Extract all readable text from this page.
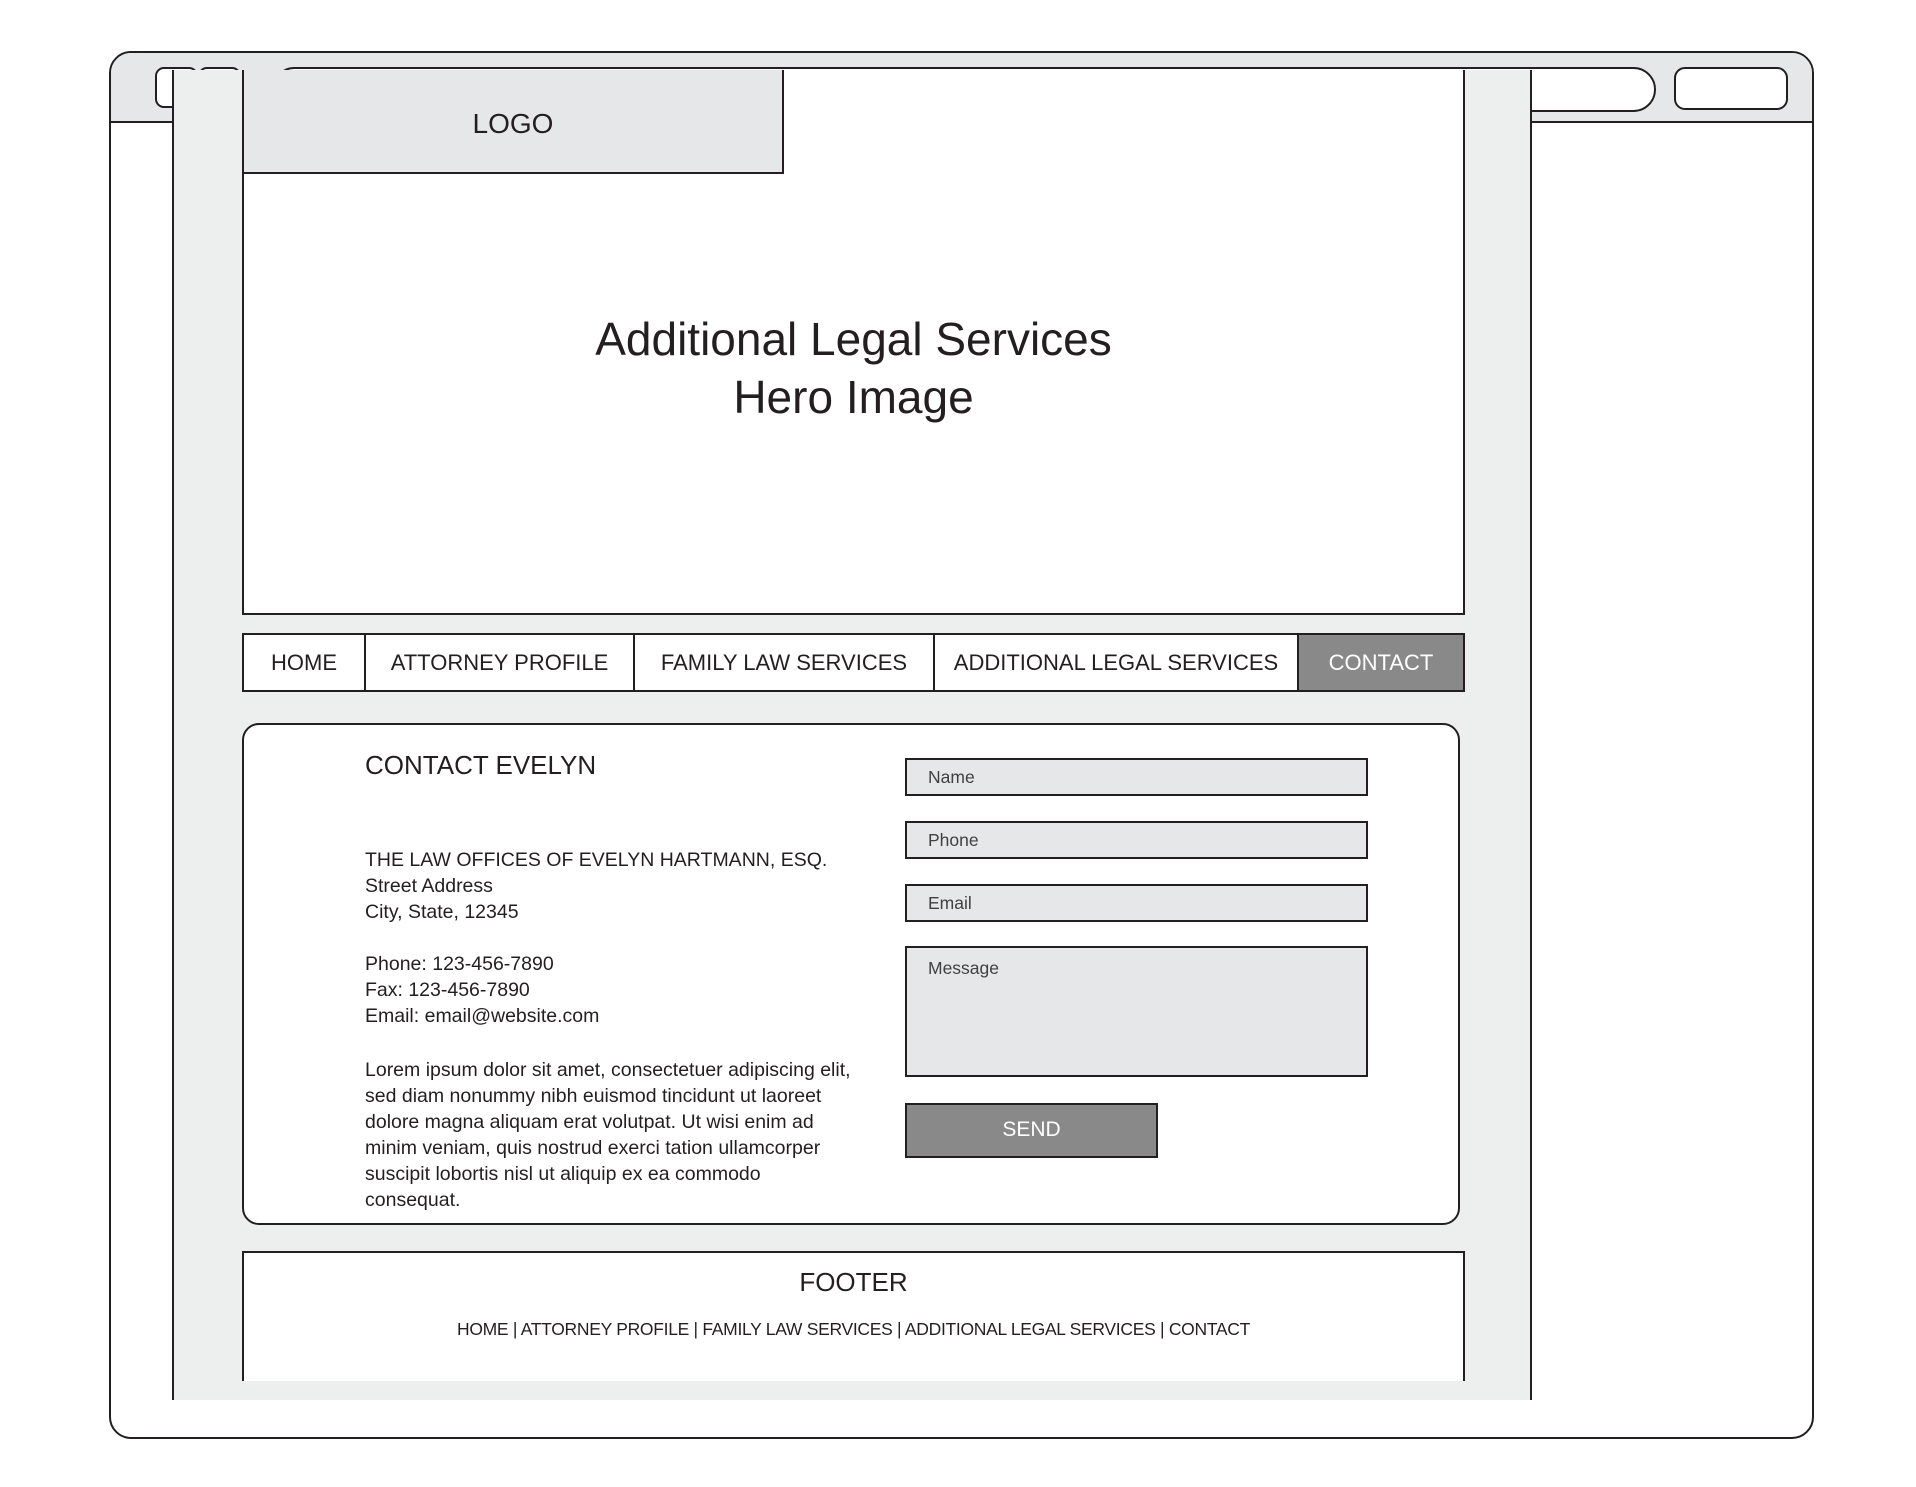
LOGO
Additional Legal Services
Hero Image
HOME	ATTORNEY PROFILE	FAMILY LAW SERVICES	ADDITIONAL LEGAL SERVICES	CONTACT
CONTACT EVELYN
THE LAW OFFICES OF EVELYN HARTMANN, ESQ.
Street Address
City, State, 12345
Phone: 123-456-7890
Fax: 123-456-7890
Email: email@website.com
Lorem ipsum dolor sit amet, consectetuer adipiscing elit, sed diam nonummy nibh euismod tincidunt ut laoreet dolore magna aliquam erat volutpat. Ut wisi enim ad minim veniam, quis nostrud exerci tation ullamcorper suscipit lobortis nisl ut aliquip ex ea commodo consequat.
Name
Phone
Email
Message
SEND
FOOTER
HOME | ATTORNEY PROFILE | FAMILY LAW SERVICES | ADDITIONAL LEGAL SERVICES | CONTACT
